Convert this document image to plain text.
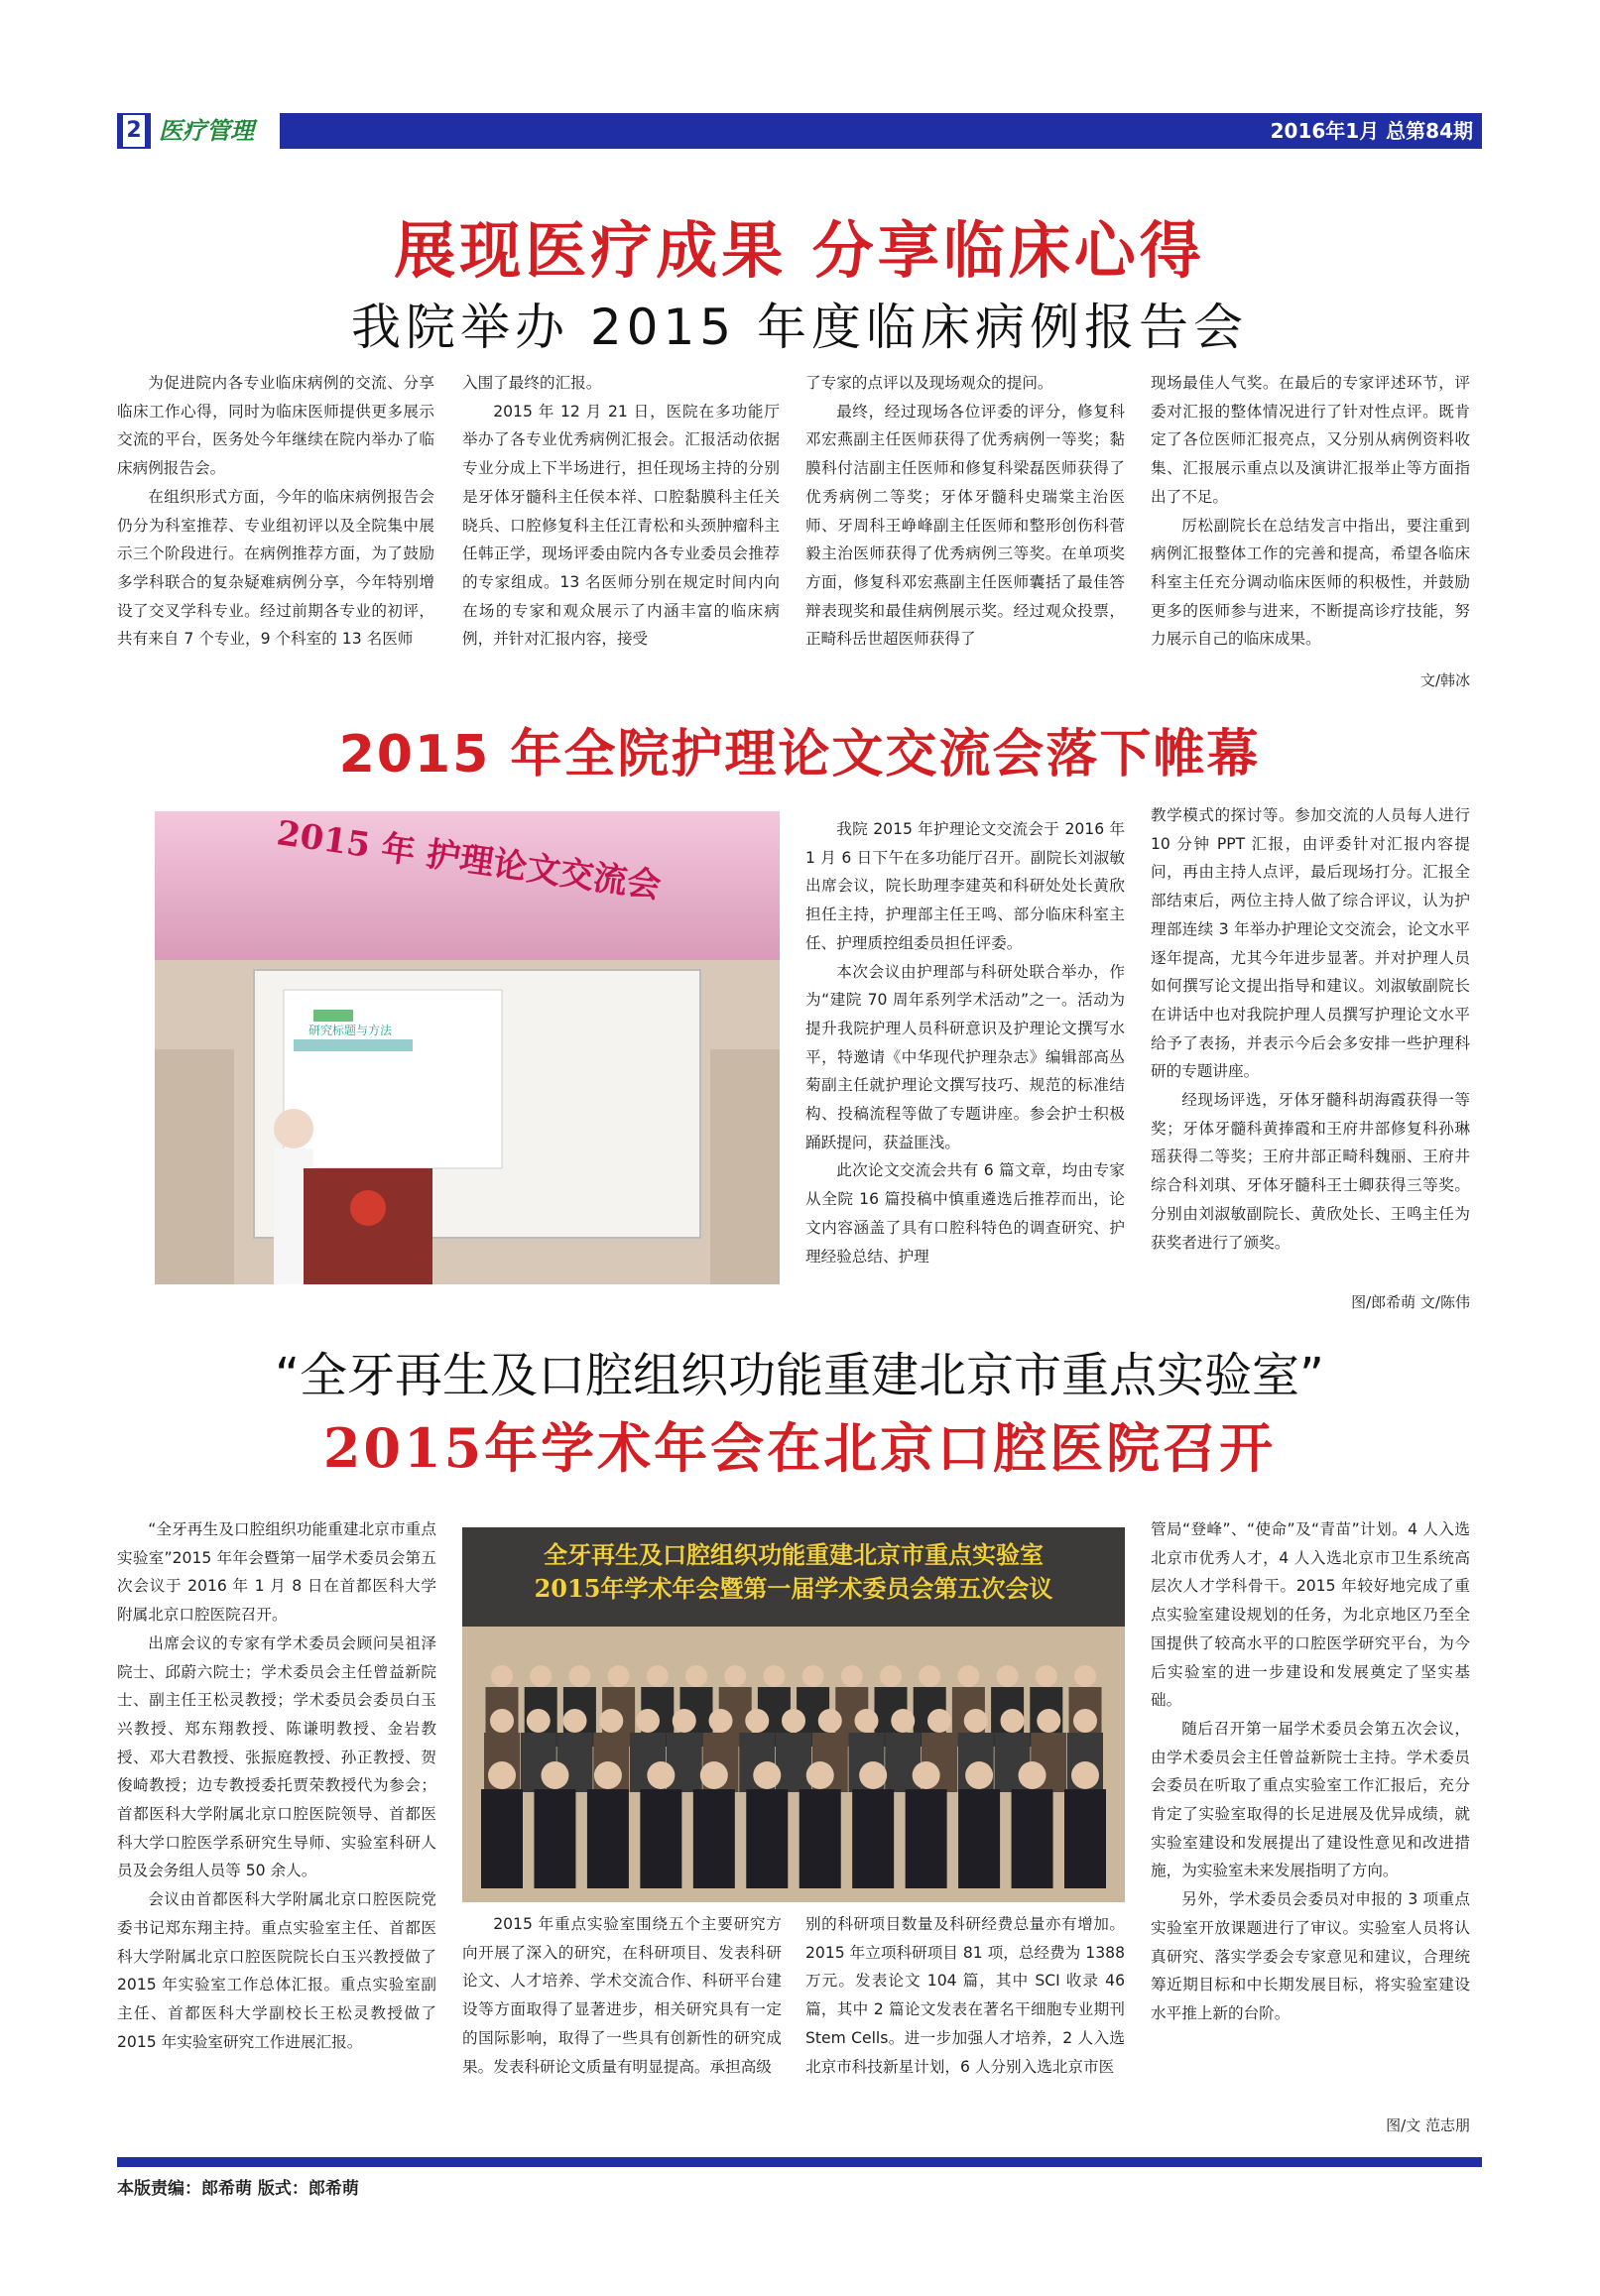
2 医疗管理	2016年1月 总第84期
展现医疗成果 分享临床心得
我院举办 2015 年度临床病例报告会

为促进院内各专业临床病例的交流、分享临床工作心得，同时为临床医师提供更多展示交流的平台，医务处今年继续在院内举办了临床病例报告会。

在组织形式方面，今年的临床病例报告会仍分为科室推荐、专业组初评以及全院集中展示三个阶段进行。在病例推荐方面，为了鼓励多学科联合的复杂疑难病例分享，今年特别增设了交叉学科专业。经过前期各专业的初评，共有来自 7 个专业，9 个科室的 13 名医师

入围了最终的汇报。

2015 年 12 月 21 日，医院在多功能厅举办了各专业优秀病例汇报会。汇报活动依据专业分成上下半场进行，担任现场主持的分别是牙体牙髓科主任侯本祥、口腔黏膜科主任关晓兵、口腔修复科主任江青松和头颈肿瘤科主任韩正学，现场评委由院内各专业委员会推荐的专家组成。13 名医师分别在规定时间内向在场的专家和观众展示了内涵丰富的临床病例，并针对汇报内容，接受

了专家的点评以及现场观众的提问。

最终，经过现场各位评委的评分，修复科邓宏燕副主任医师获得了优秀病例一等奖；黏膜科付洁副主任医师和修复科梁磊医师获得了优秀病例二等奖；牙体牙髓科史瑞棠主治医师、牙周科王峥峰副主任医师和整形创伤科菅毅主治医师获得了优秀病例三等奖。在单项奖方面，修复科邓宏燕副主任医师囊括了最佳答辩表现奖和最佳病例展示奖。经过观众投票，正畸科岳世超医师获得了

现场最佳人气奖。在最后的专家评述环节，评委对汇报的整体情况进行了针对性点评。既肯定了各位医师汇报亮点，又分别从病例资料收集、汇报展示重点以及演讲汇报举止等方面指出了不足。

厉松副院长在总结发言中指出，要注重到病例汇报整体工作的完善和提高，希望各临床科室主任充分调动临床医师的积极性，并鼓励更多的医师参与进来，不断提高诊疗技能，努力展示自己的临床成果。

文/韩冰
2015 年全院护理论文交流会落下帷幕
研究标题与方法
2015 年 护理论文交流会	我院 2015 年护理论文交流会于 2016 年 1 月 6 日下午在多功能厅召开。副院长刘淑敏出席会议，院长助理李建英和科研处处长黄欣担任主持，护理部主任王鸣、部分临床科室主任、护理质控组委员担任评委。

本次会议由护理部与科研处联合举办，作为“建院 70 周年系列学术活动”之一。活动为提升我院护理人员科研意识及护理论文撰写水平，特邀请《中华现代护理杂志》编辑部高丛菊副主任就护理论文撰写技巧、规范的标准结构、投稿流程等做了专题讲座。参会护士积极踊跃提问，获益匪浅。

此次论文交流会共有 6 篇文章，均由专家从全院 16 篇投稿中慎重遴选后推荐而出，论文内容涵盖了具有口腔科特色的调查研究、护理经验总结、护理

教学模式的探讨等。参加交流的人员每人进行 10 分钟 PPT 汇报，由评委针对汇报内容提问，再由主持人点评，最后现场打分。汇报全部结束后，两位主持人做了综合评议，认为护理部连续 3 年举办护理论文交流会，论文水平逐年提高，尤其今年进步显著。并对护理人员如何撰写论文提出指导和建议。刘淑敏副院长在讲话中也对我院护理人员撰写护理论文水平给予了表扬，并表示今后会多安排一些护理科研的专题讲座。

经现场评选，牙体牙髓科胡海霞获得一等奖；牙体牙髓科黄捧霞和王府井部修复科孙琳瑶获得二等奖；王府井部正畸科魏丽、王府井综合科刘琪、牙体牙髓科王士卿获得三等奖。分别由刘淑敏副院长、黄欣处长、王鸣主任为获奖者进行了颁奖。

图/郎希萌 文/陈伟
“全牙再生及口腔组织功能重建北京市重点实验室”
2015年学术年会在北京口腔医院召开

“全牙再生及口腔组织功能重建北京市重点实验室”2015 年年会暨第一届学术委员会第五次会议于 2016 年 1 月 8 日在首都医科大学附属北京口腔医院召开。

出席会议的专家有学术委员会顾问吴祖泽院士、邱蔚六院士；学术委员会主任曾益新院士、副主任王松灵教授；学术委员会委员白玉兴教授、郑东翔教授、陈谦明教授、金岩教授、邓大君教授、张振庭教授、孙正教授、贺俊崎教授；边专教授委托贾荣教授代为参会；首都医科大学附属北京口腔医院领导、首都医科大学口腔医学系研究生导师、实验室科研人员及会务组人员等 50 余人。

会议由首都医科大学附属北京口腔医院党委书记郑东翔主持。重点实验室主任、首都医科大学附属北京口腔医院院长白玉兴教授做了 2015 年实验室工作总体汇报。重点实验室副主任、首都医科大学副校长王松灵教授做了 2015 年实验室研究工作进展汇报。

全牙再生及口腔组织功能重建北京市重点实验室
2015年学术年会暨第一届学术委员会第五次会议

2015 年重点实验室围绕五个主要研究方向开展了深入的研究，在科研项目、发表科研论文、人才培养、学术交流合作、科研平台建设等方面取得了显著进步，相关研究具有一定的国际影响，取得了一些具有创新性的研究成果。发表科研论文质量有明显提高。承担高级

别的科研项目数量及科研经费总量亦有增加。2015 年立项科研项目 81 项，总经费为 1388 万元。发表论文 104 篇，其中 SCI 收录 46 篇，其中 2 篇论文发表在著名干细胞专业期刊 Stem Cells。进一步加强人才培养，2 人入选北京市科技新星计划，6 人分别入选北京市医

管局“登峰”、“使命”及“青苗”计划。4 人入选北京市优秀人才，4 人入选北京市卫生系统高层次人才学科骨干。2015 年较好地完成了重点实验室建设规划的任务，为北京地区乃至全国提供了较高水平的口腔医学研究平台，为今后实验室的进一步建设和发展奠定了坚实基础。

随后召开第一届学术委员会第五次会议，由学术委员会主任曾益新院士主持。学术委员会委员在听取了重点实验室工作汇报后，充分肯定了实验室取得的长足进展及优异成绩，就实验室建设和发展提出了建设性意见和改进措施，为实验室未来发展指明了方向。

另外，学术委员会委员对申报的 3 项重点实验室开放课题进行了审议。实验室人员将认真研究、落实学委会专家意见和建议，合理统筹近期目标和中长期发展目标，将实验室建设水平推上新的台阶。

图/文 范志朋
本版责编：郎希萌 版式：郎希萌
